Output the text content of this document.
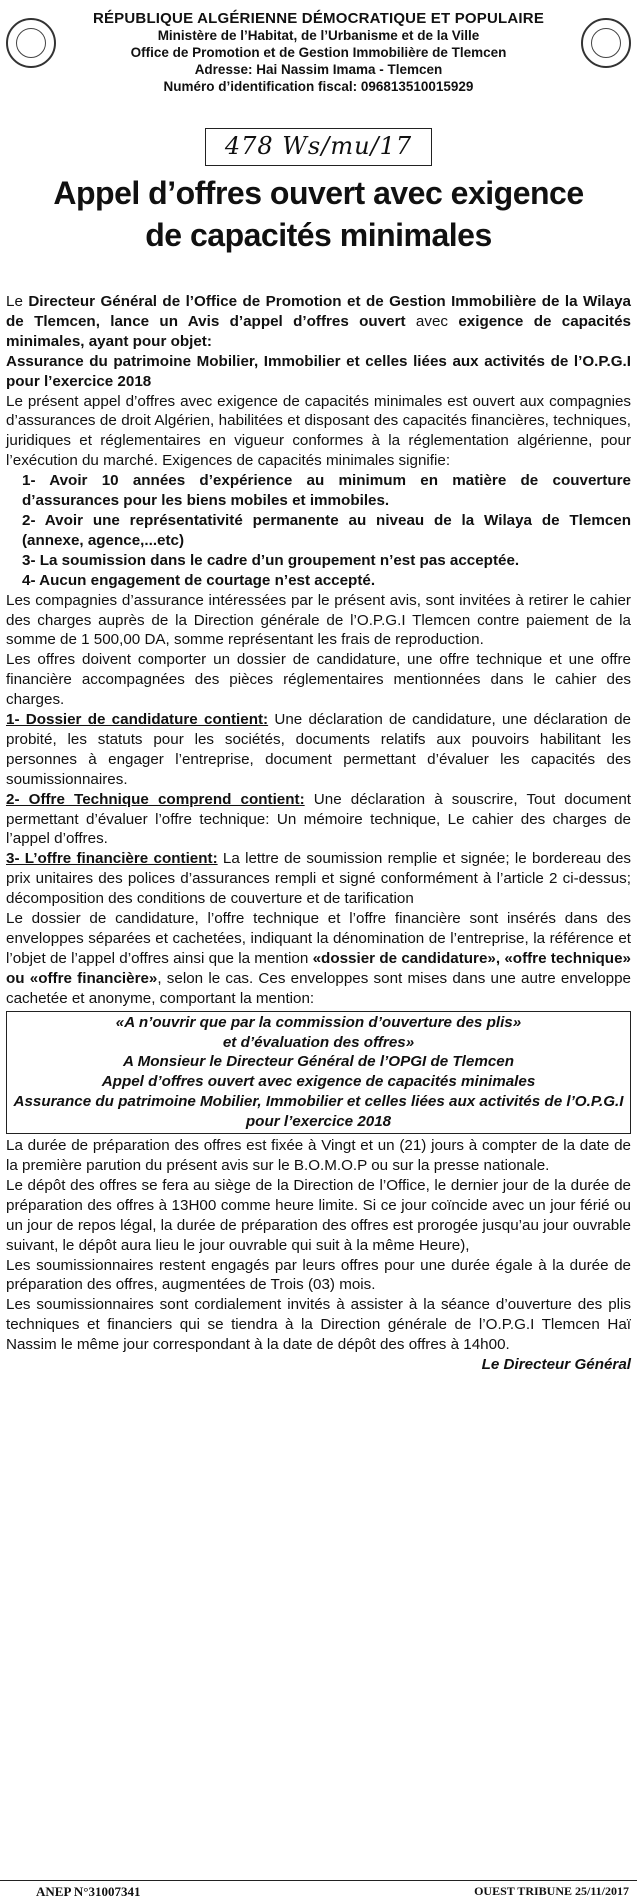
RÉPUBLIQUE ALGÉRIENNE DÉMOCRATIQUE ET POPULAIRE
Ministère de l’Habitat, de l’Urbanisme et de la Ville
Office de Promotion et de Gestion Immobilière de Tlemcen
Adresse: Hai Nassim Imama - Tlemcen
Numéro d’identification fiscal: 096813510015929
478 Ws/mu/17
Appel d’offres ouvert avec exigence
de capacités minimales

Le Directeur Général de l’Office de Promotion et de Gestion Immobilière de la Wilaya de Tlemcen, lance un Avis d’appel d’offres ouvert avec exigence de capacités minimales, ayant pour objet:

Assurance du patrimoine Mobilier, Immobilier et celles liées aux activités de l’O.P.G.I pour l’exercice 2018

Le présent appel d’offres avec exigence de capacités minimales est ouvert aux compagnies d’assurances de droit Algérien, habilitées et disposant des capacités financières, techniques, juridiques et réglementaires en vigueur conformes à la réglementation algérienne, pour l’exécution du marché. Exigences de capacités minimales signifie:

1- Avoir 10 années d’expérience au minimum en matière de couverture d’assurances pour les biens mobiles et immobiles.

2- Avoir une représentativité permanente au niveau de la Wilaya de Tlemcen (annexe, agence,...etc)

3- La soumission dans le cadre d’un groupement n’est pas acceptée.

4- Aucun engagement de courtage n’est accepté.

Les compagnies d’assurance intéressées par le présent avis, sont invitées à retirer le cahier des charges auprès de la Direction générale de l’O.P.G.I Tlemcen contre paiement de la somme de 1 500,00 DA, somme représentant les frais de reproduction.

Les offres doivent comporter un dossier de candidature, une offre technique et une offre financière accompagnées des pièces réglementaires mentionnées dans le cahier des charges.

1- Dossier de candidature contient: Une déclaration de candidature, une déclaration de probité, les statuts pour les sociétés, documents relatifs aux pouvoirs habilitant les personnes à engager l’entreprise, document permettant d’évaluer les capacités des soumissionnaires.

2- Offre Technique comprend contient: Une déclaration à souscrire, Tout document permettant d’évaluer l’offre technique: Un mémoire technique, Le cahier des charges de l’appel d’offres.

3- L’offre financière contient: La lettre de soumission remplie et signée; le bordereau des prix unitaires des polices d’assurances rempli et signé conformément à l’article 2 ci-dessus; décomposition des conditions de couverture et de tarification

Le dossier de candidature, l’offre technique et l’offre financière sont insérés dans des enveloppes séparées et cachetées, indiquant la dénomination de l’entreprise, la référence et l’objet de l’appel d’offres ainsi que la mention «dossier de candidature», «offre technique» ou «offre financière», selon le cas. Ces enveloppes sont mises dans une autre enveloppe cachetée et anonyme, comportant la mention:

«A n’ouvrir que par la commission d’ouverture des plis»
et d’évaluation des offres»
A Monsieur le Directeur Général de l’OPGI de Tlemcen
Appel d’offres ouvert avec exigence de capacités minimales
Assurance du patrimoine Mobilier, Immobilier et celles liées aux activités de l’O.P.G.I pour l’exercice 2018

La durée de préparation des offres est fixée à Vingt et un (21) jours à compter de la date de la première parution du présent avis sur le B.O.M.O.P ou sur la presse nationale.

Le dépôt des offres se fera au siège de la Direction de l’Office, le dernier jour de la durée de préparation des offres à 13H00 comme heure limite. Si ce jour coïncide avec un jour férié ou un jour de repos légal, la durée de préparation des offres est prorogée jusqu’au jour ouvrable suivant, le dépôt aura lieu le jour ouvrable qui suit à la même Heure),

Les soumissionnaires restent engagés par leurs offres pour une durée égale à la durée de préparation des offres, augmentées de Trois (03) mois.

Les soumissionnaires sont cordialement invités à assister à la séance d’ouverture des plis techniques et financiers qui se tiendra à la Direction générale de l’O.P.G.I Tlemcen Haï Nassim le même jour correspondant à la date de dépôt des offres à 14h00.

Le Directeur Général

ANEP N°31007341	OUEST TRIBUNE 25/11/2017
